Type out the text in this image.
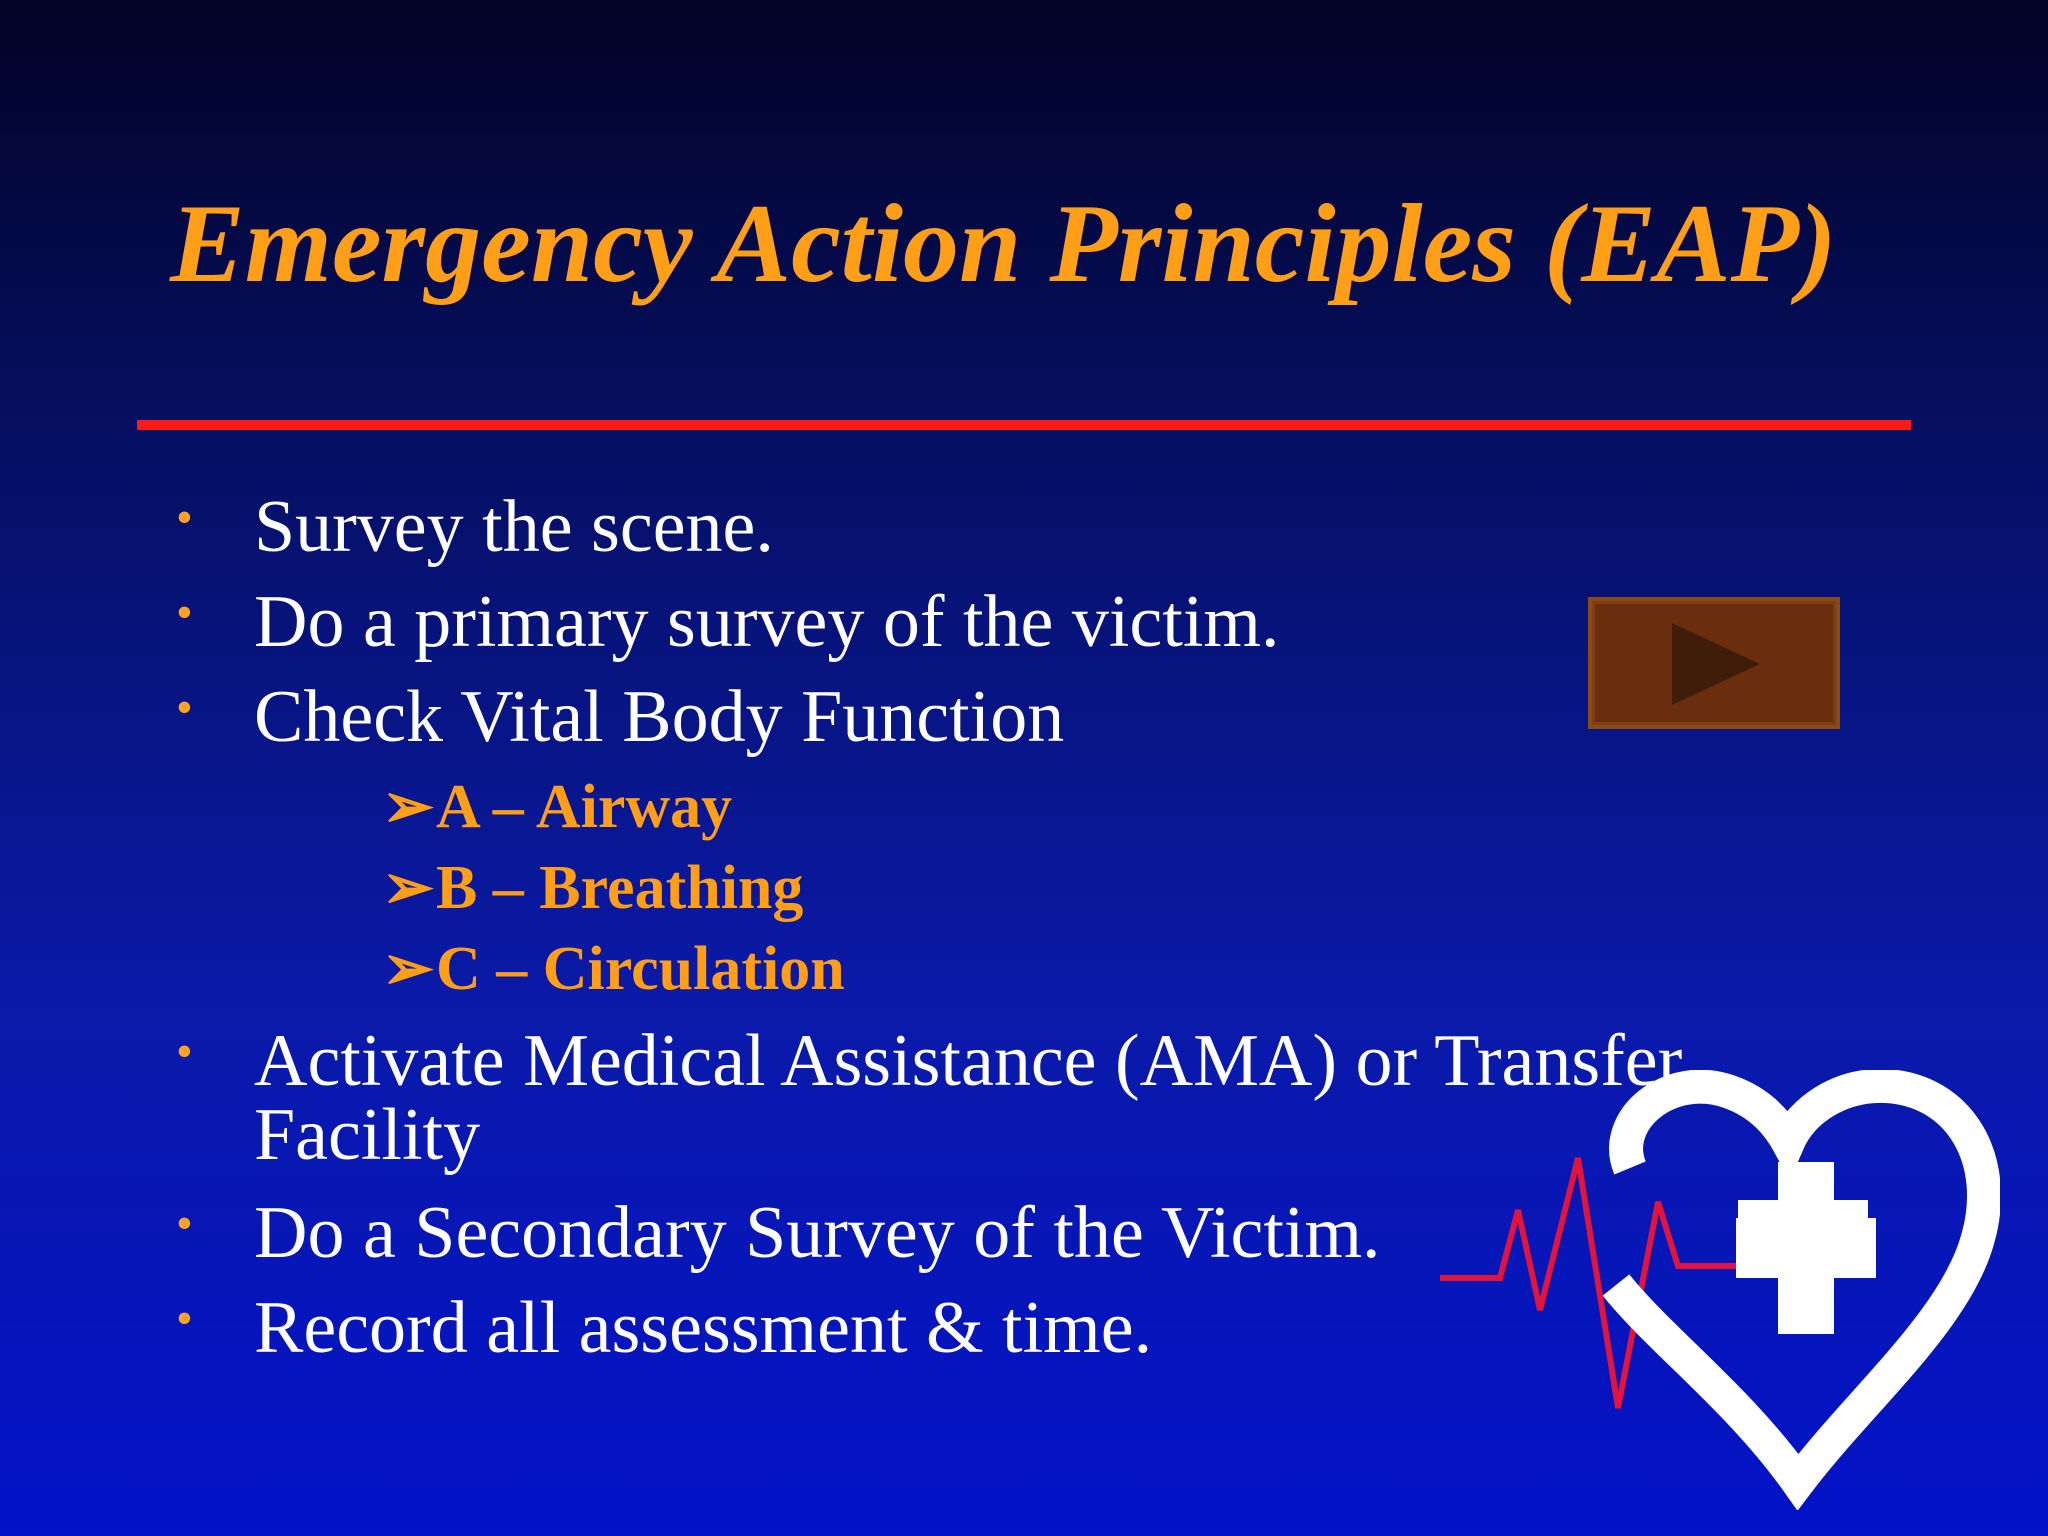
Emergency Action Principles (EAP)
• Survey the scene.
• Do a primary survey of the victim.
• Check Vital Body Function
➢A – Airway
➢B – Breathing
➢C – Circulation
• Activate Medical Assistance (AMA) or Transfer
Facility
• Do a Secondary Survey of the Victim.
• Record all assessment & time.
